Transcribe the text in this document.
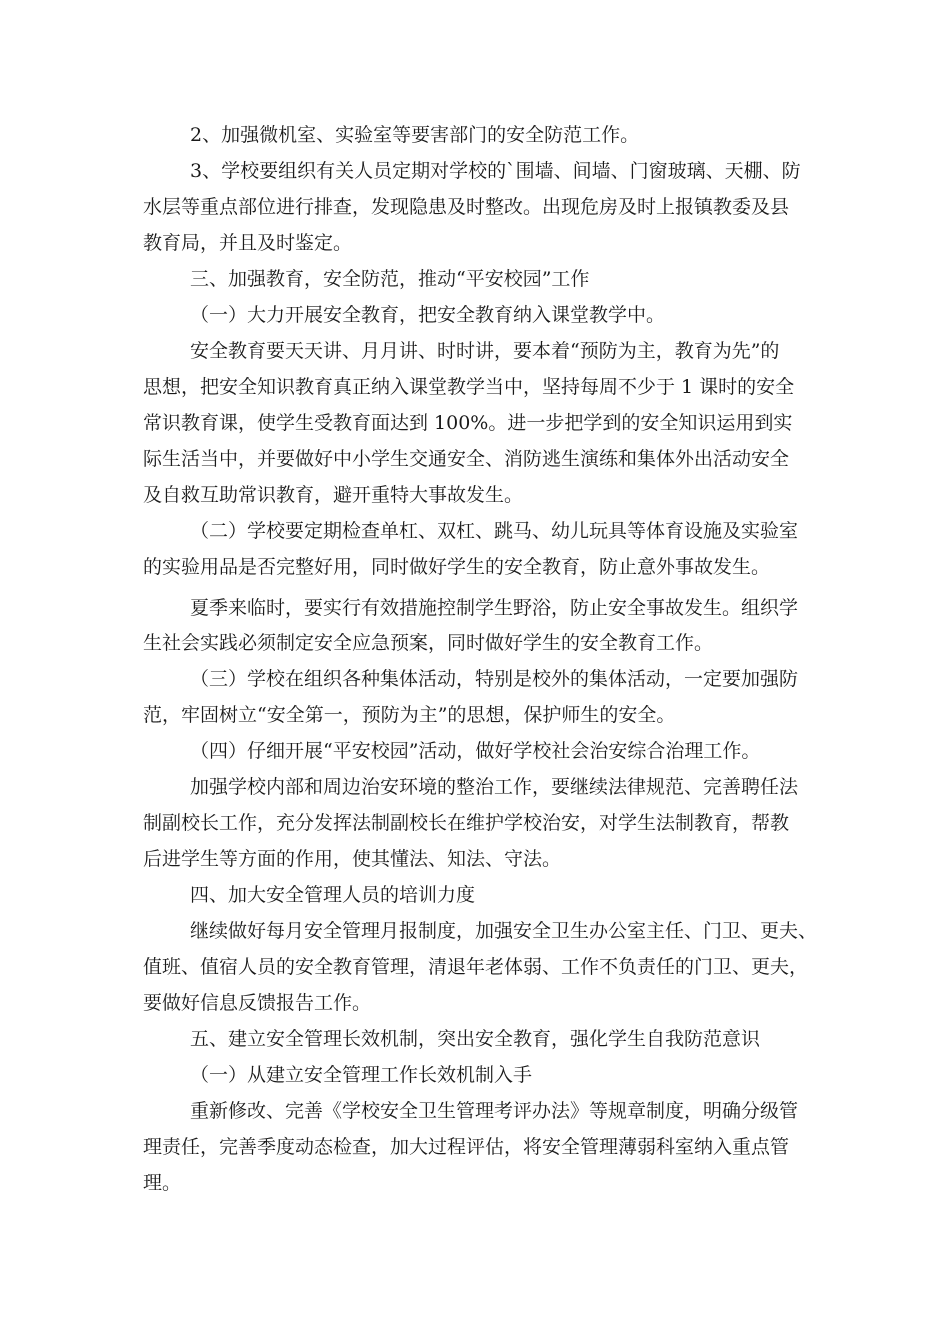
2、加强微机室、实验室等要害部门的安全防范工作。
3、学校要组织有关人员定期对学校的`围墙、间墙、门窗玻璃、天棚、防
水层等重点部位进行排查，发现隐患及时整改。出现危房及时上报镇教委及县
教育局，并且及时鉴定。
三、加强教育，安全防范，推动“平安校园”工作
（一）大力开展安全教育，把安全教育纳入课堂教学中。
安全教育要天天讲、月月讲、时时讲，要本着“预防为主，教育为先”的
思想，把安全知识教育真正纳入课堂教学当中，坚持每周不少于 1 课时的安全
常识教育课，使学生受教育面达到 100%。进一步把学到的安全知识运用到实
际生活当中，并要做好中小学生交通安全、消防逃生演练和集体外出活动安全
及自救互助常识教育，避开重特大事故发生。
（二）学校要定期检查单杠、双杠、跳马、幼儿玩具等体育设施及实验室
的实验用品是否完整好用，同时做好学生的安全教育，防止意外事故发生。
夏季来临时，要实行有效措施控制学生野浴，防止安全事故发生。组织学
生社会实践必须制定安全应急预案，同时做好学生的安全教育工作。
（三）学校在组织各种集体活动，特别是校外的集体活动，一定要加强防
范，牢固树立“安全第一，预防为主”的思想，保护师生的安全。
（四）仔细开展“平安校园”活动，做好学校社会治安综合治理工作。
加强学校内部和周边治安环境的整治工作，要继续法律规范、完善聘任法
制副校长工作，充分发挥法制副校长在维护学校治安，对学生法制教育，帮教
后进学生等方面的作用，使其懂法、知法、守法。
四、加大安全管理人员的培训力度
继续做好每月安全管理月报制度，加强安全卫生办公室主任、门卫、更夫、
值班、值宿人员的安全教育管理，清退年老体弱、工作不负责任的门卫、更夫，
要做好信息反馈报告工作。
五、建立安全管理长效机制，突出安全教育，强化学生自我防范意识
（一）从建立安全管理工作长效机制入手
重新修改、完善《学校安全卫生管理考评办法》等规章制度，明确分级管
理责任，完善季度动态检查，加大过程评估，将安全管理薄弱科室纳入重点管
理。
